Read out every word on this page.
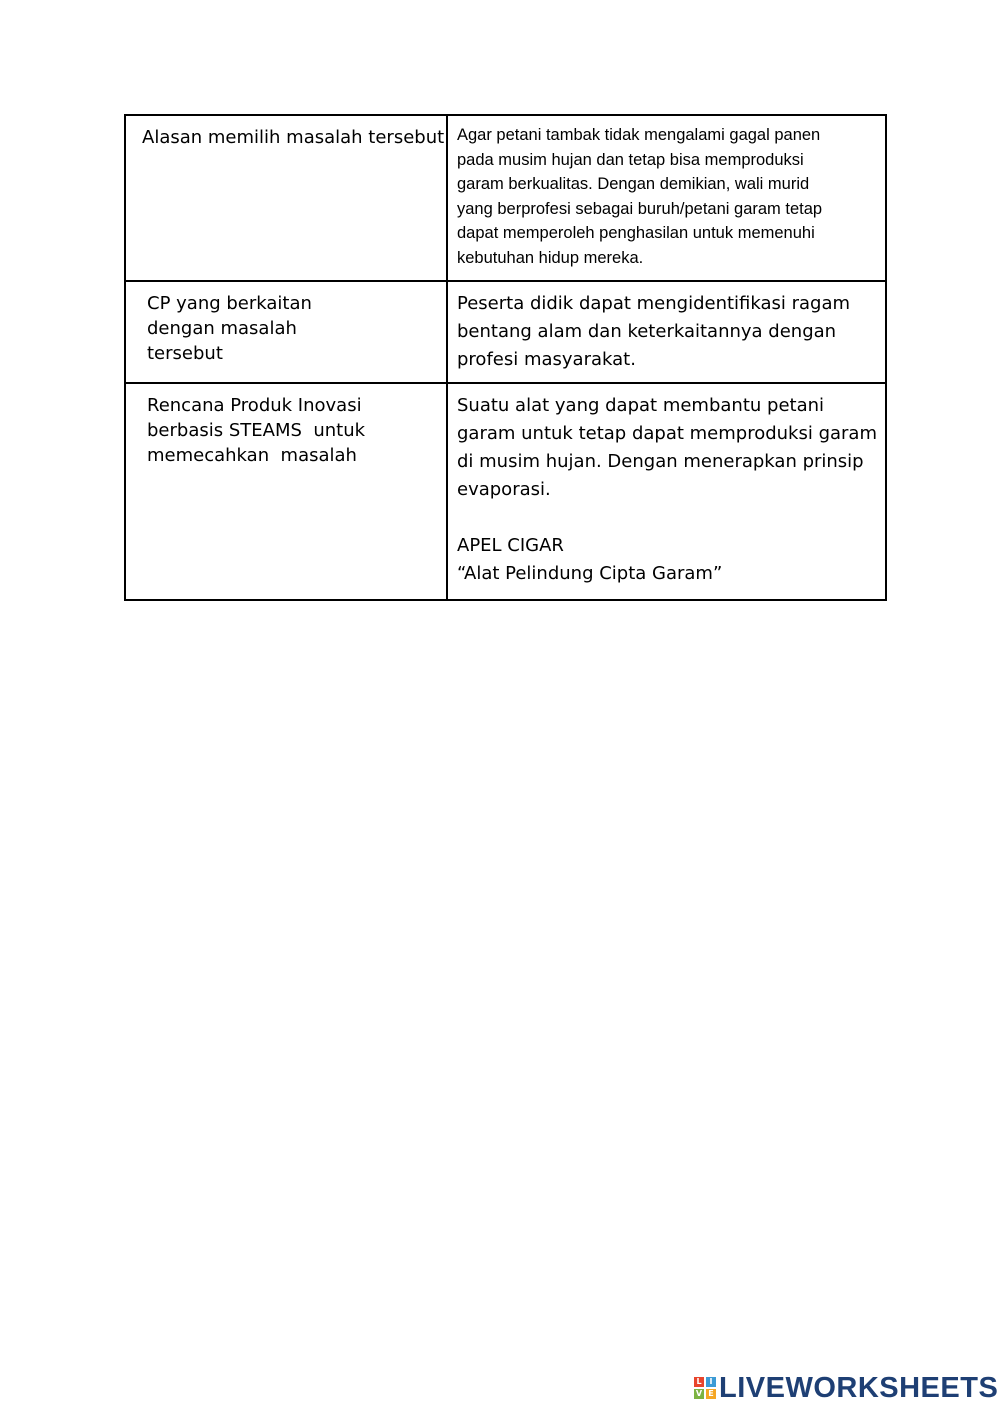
Alasan memilih masalah tersebut Agar petani tambak tidak mengalami gagal panen
pada musim hujan dan tetap bisa memproduksi
garam berkualitas. Dengan demikian, wali murid
yang berprofesi sebagai buruh/petani garam tetap
dapat memperoleh penghasilan untuk memenuhi
kebutuhan hidup mereka.
CP yang berkaitan
dengan masalah
tersebut
Peserta didik dapat mengidentifikasi ragam
bentang alam dan keterkaitannya dengan
profesi masyarakat.
Rencana Produk Inovasi
berbasis STEAMS  untuk
memecahkan  masalah
Suatu alat yang dapat membantu petani
garam untuk tetap dapat memproduksi garam
di musim hujan. Dengan menerapkan prinsip
evaporasi.
APEL CIGAR
“Alat Pelindung Cipta Garam”
L I
V E LIVEWORKSHEETS
